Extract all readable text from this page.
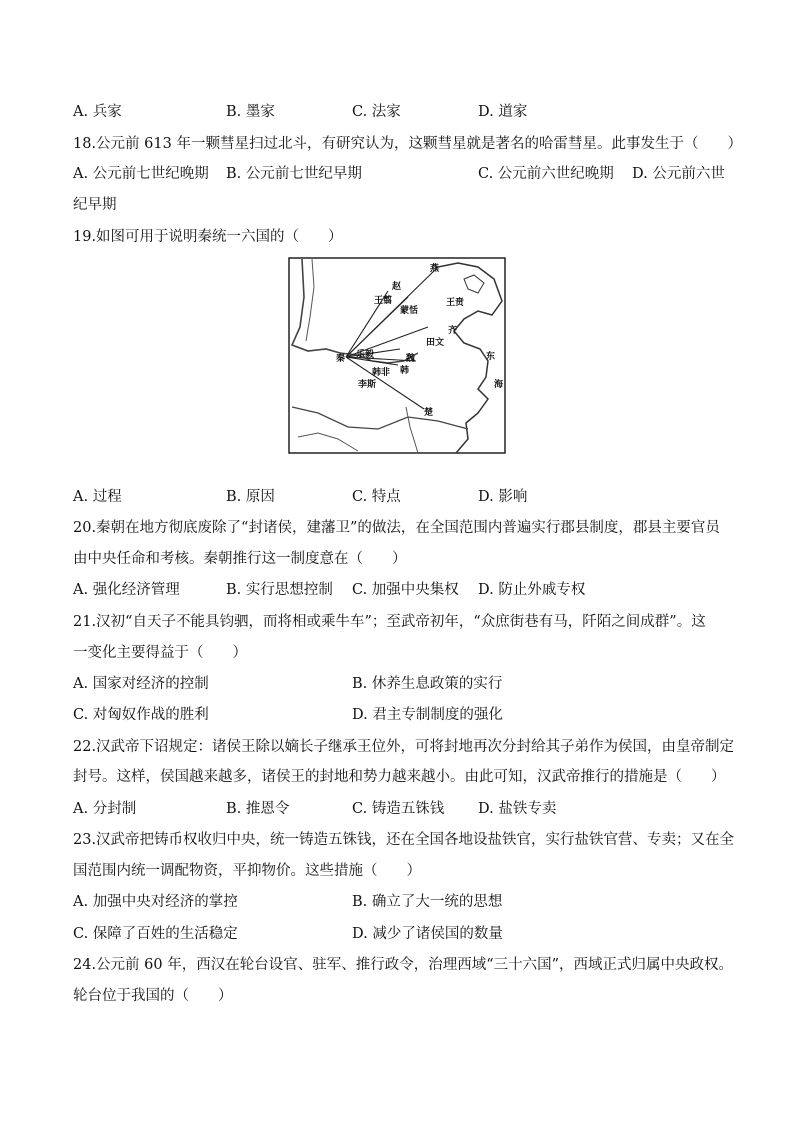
A. 兵家	B. 墨家	C. 法家	D. 道家
18.公元前 613 年一颗彗星扫过北斗，有研究认为，这颗彗星就是著名的哈雷彗星。此事发生于（　　）
A. 公元前七世纪晚期 B. 公元前七世纪早期	C. 公元前六世纪晚期 D. 公元前六世
纪早期
19.如图可用于说明秦统一六国的（　　）
燕
赵
王翦
蒙恬
王贲
齐
田文
秦 乐毅	魏
韩非 韩
李斯
楚
东
海
A. 过程	B. 原因	C. 特点	D. 影响
20.秦朝在地方彻底废除了“封诸侯，建藩卫”的做法，在全国范围内普遍实行郡县制度，郡县主要官员
由中央任命和考核。秦朝推行这一制度意在（　　）
A. 强化经济管理	B. 实行思想控制 C. 加强中央集权 D. 防止外戚专权
21.汉初“自天子不能具钧驷，而将相或乘牛车”；至武帝初年，“众庶街巷有马，阡陌之间成群”。这
一变化主要得益于（　　）
A. 国家对经济的控制	B. 休养生息政策的实行
C. 对匈奴作战的胜利	D. 君主专制制度的强化
22.汉武帝下诏规定：诸侯王除以嫡长子继承王位外，可将封地再次分封给其子弟作为侯国，由皇帝制定
封号。这样，侯国越来越多，诸侯王的封地和势力越来越小。由此可知，汉武帝推行的措施是（　　）
A. 分封制	B. 推恩令	C. 铸造五铢钱 D. 盐铁专卖
23.汉武帝把铸币权收归中央，统一铸造五铢钱，还在全国各地设盐铁官，实行盐铁官营、专卖；又在全
国范围内统一调配物资，平抑物价。这些措施（　　）
A. 加强中央对经济的掌控	B. 确立了大一统的思想
C. 保障了百姓的生活稳定	D. 减少了诸侯国的数量
24.公元前 60 年，西汉在轮台设官、驻军、推行政令，治理西域“三十六国”，西域正式归属中央政权。
轮台位于我国的（　　）
